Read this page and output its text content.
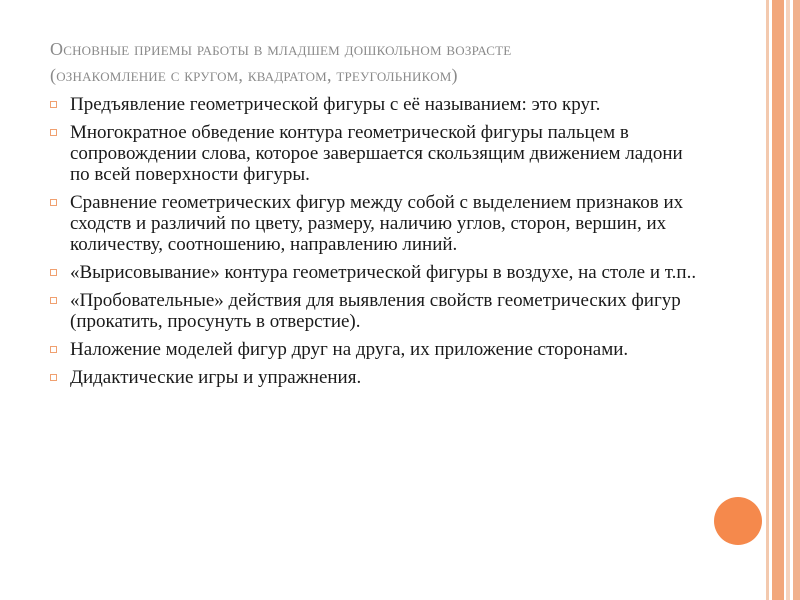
Основные приемы работы в младшем дошкольном возрасте
(ознакомление с кругом, квадратом, треугольником)
Предъявление геометрической фигуры с её называнием: это круг.
Многократное обведение контура геометрической фигуры пальцем в сопровождении слова, которое завершается скользящим движением ладони по всей поверхности фигуры.
Сравнение геометрических фигур между собой с выделением признаков их сходств и различий по цвету, размеру, наличию углов, сторон, вершин, их количеству, соотношению, направлению линий.
«Вырисовывание» контура геометрической фигуры в воздухе, на столе и т.п..
«Пробовательные» действия для выявления свойств геометрических фигур (прокатить, просунуть в отверстие).
Наложение моделей фигур друг на друга, их приложение сторонами.
Дидактические игры и упражнения.
